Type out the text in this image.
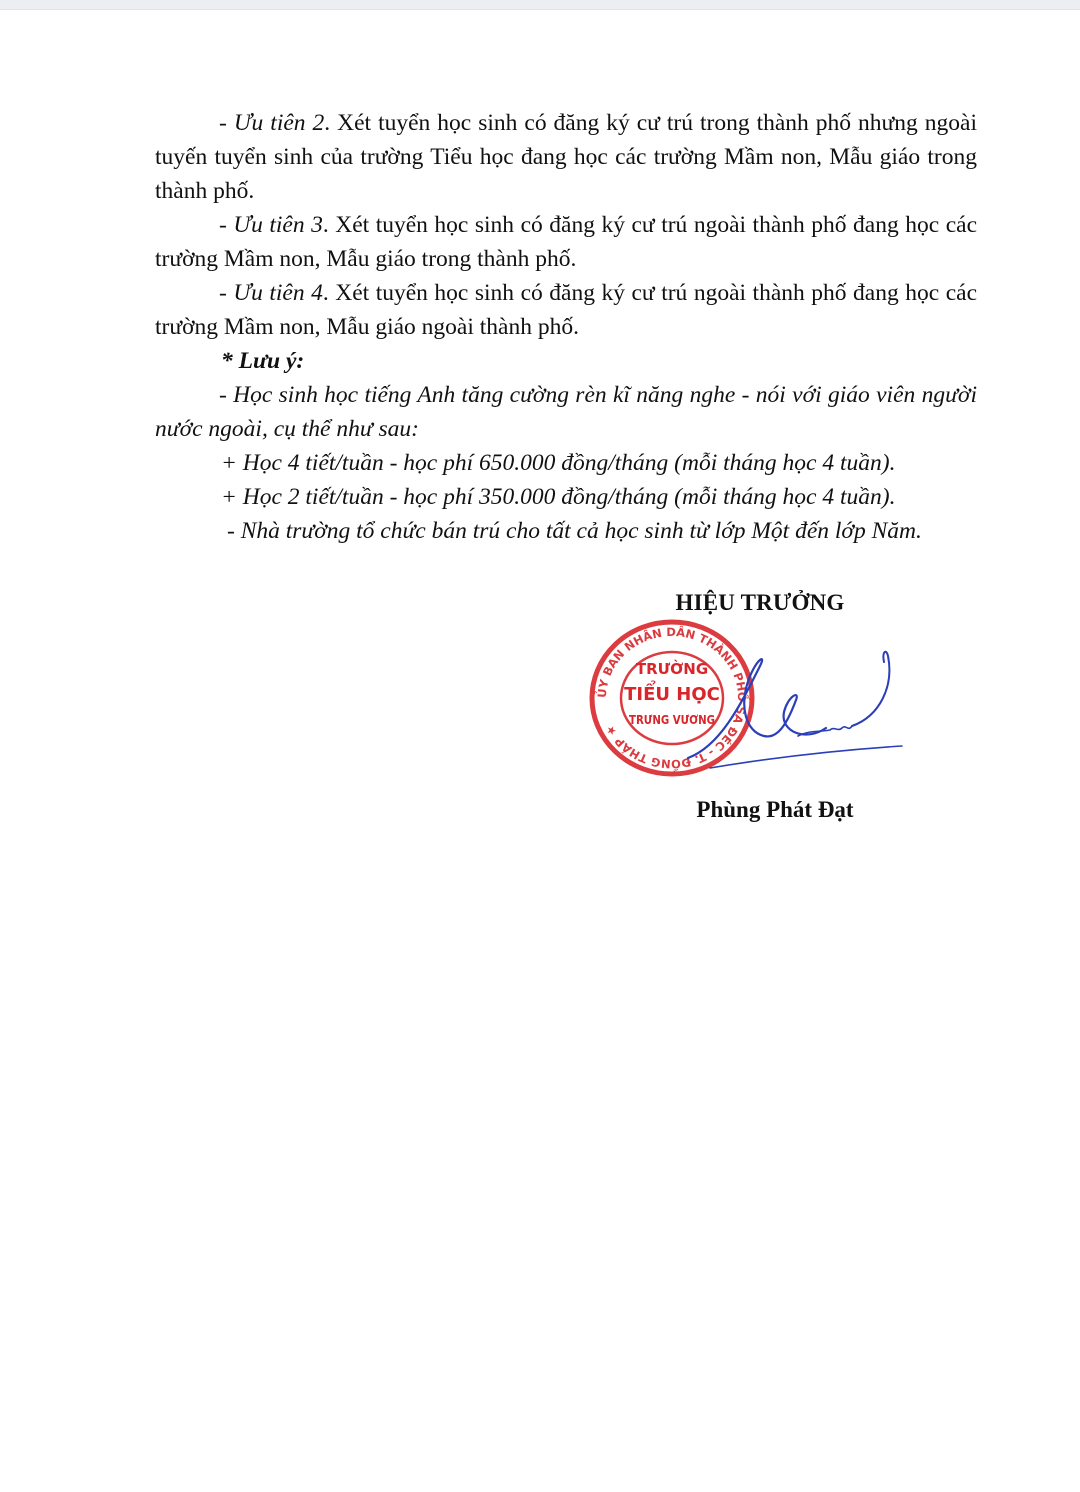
- Ưu tiên 2. Xét tuyển học sinh có đăng ký cư trú trong thành phố nhưng ngoài tuyến tuyển sinh của trường Tiểu học đang học các trường Mầm non, Mẫu giáo trong thành phố.

- Ưu tiên 3. Xét tuyển học sinh có đăng ký cư trú ngoài thành phố đang học các trường Mầm non, Mẫu giáo trong thành phố.

- Ưu tiên 4. Xét tuyển học sinh có đăng ký cư trú ngoài thành phố đang học các trường Mầm non, Mẫu giáo ngoài thành phố.

* Lưu ý:

- Học sinh học tiếng Anh tăng cường rèn kĩ năng nghe - nói với giáo viên người nước ngoài, cụ thể như sau:

+ Học 4 tiết/tuần - học phí 650.000 đồng/tháng (mỗi tháng học 4 tuần).

+ Học 2 tiết/tuần - học phí 350.000 đồng/tháng (mỗi tháng học 4 tuần).

- Nhà trường tổ chức bán trú cho tất cả học sinh từ lớp Một đến lớp Năm.

HIỆU TRƯỞNG
ỦY BAN NHÂN DÂN THÀNH PHỐ SA ĐÉC - T. ĐỒNG THÁP ★
TRƯỜNG
TIỂU HỌC
TRƯNG VƯƠNG
Phùng Phát Đạt
